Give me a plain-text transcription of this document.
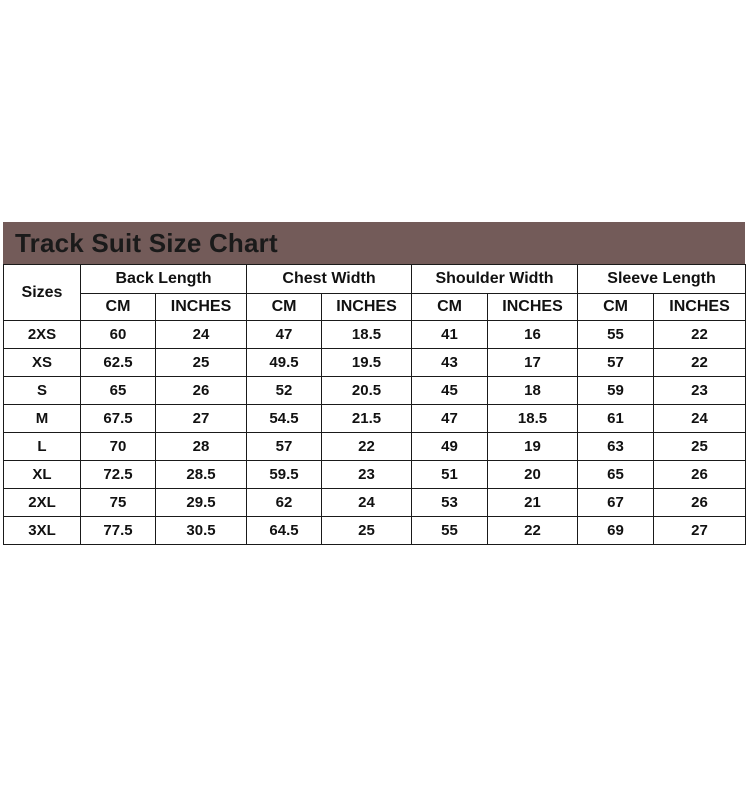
Track Suit Size Chart
Sizes	Back Length		Chest Width		Shoulder Width		Sleeve Length	
	CM	INCHES	CM	INCHES	CM	INCHES	CM	INCHES
2XS	60	24	47	18.5	41	16	55	22
XS	62.5	25	49.5	19.5	43	17	57	22
S	65	26	52	20.5	45	18	59	23
M	67.5	27	54.5	21.5	47	18.5	61	24
L	70	28	57	22	49	19	63	25
XL	72.5	28.5	59.5	23	51	20	65	26
2XL	75	29.5	62	24	53	21	67	26
3XL	77.5	30.5	64.5	25	55	22	69	27
